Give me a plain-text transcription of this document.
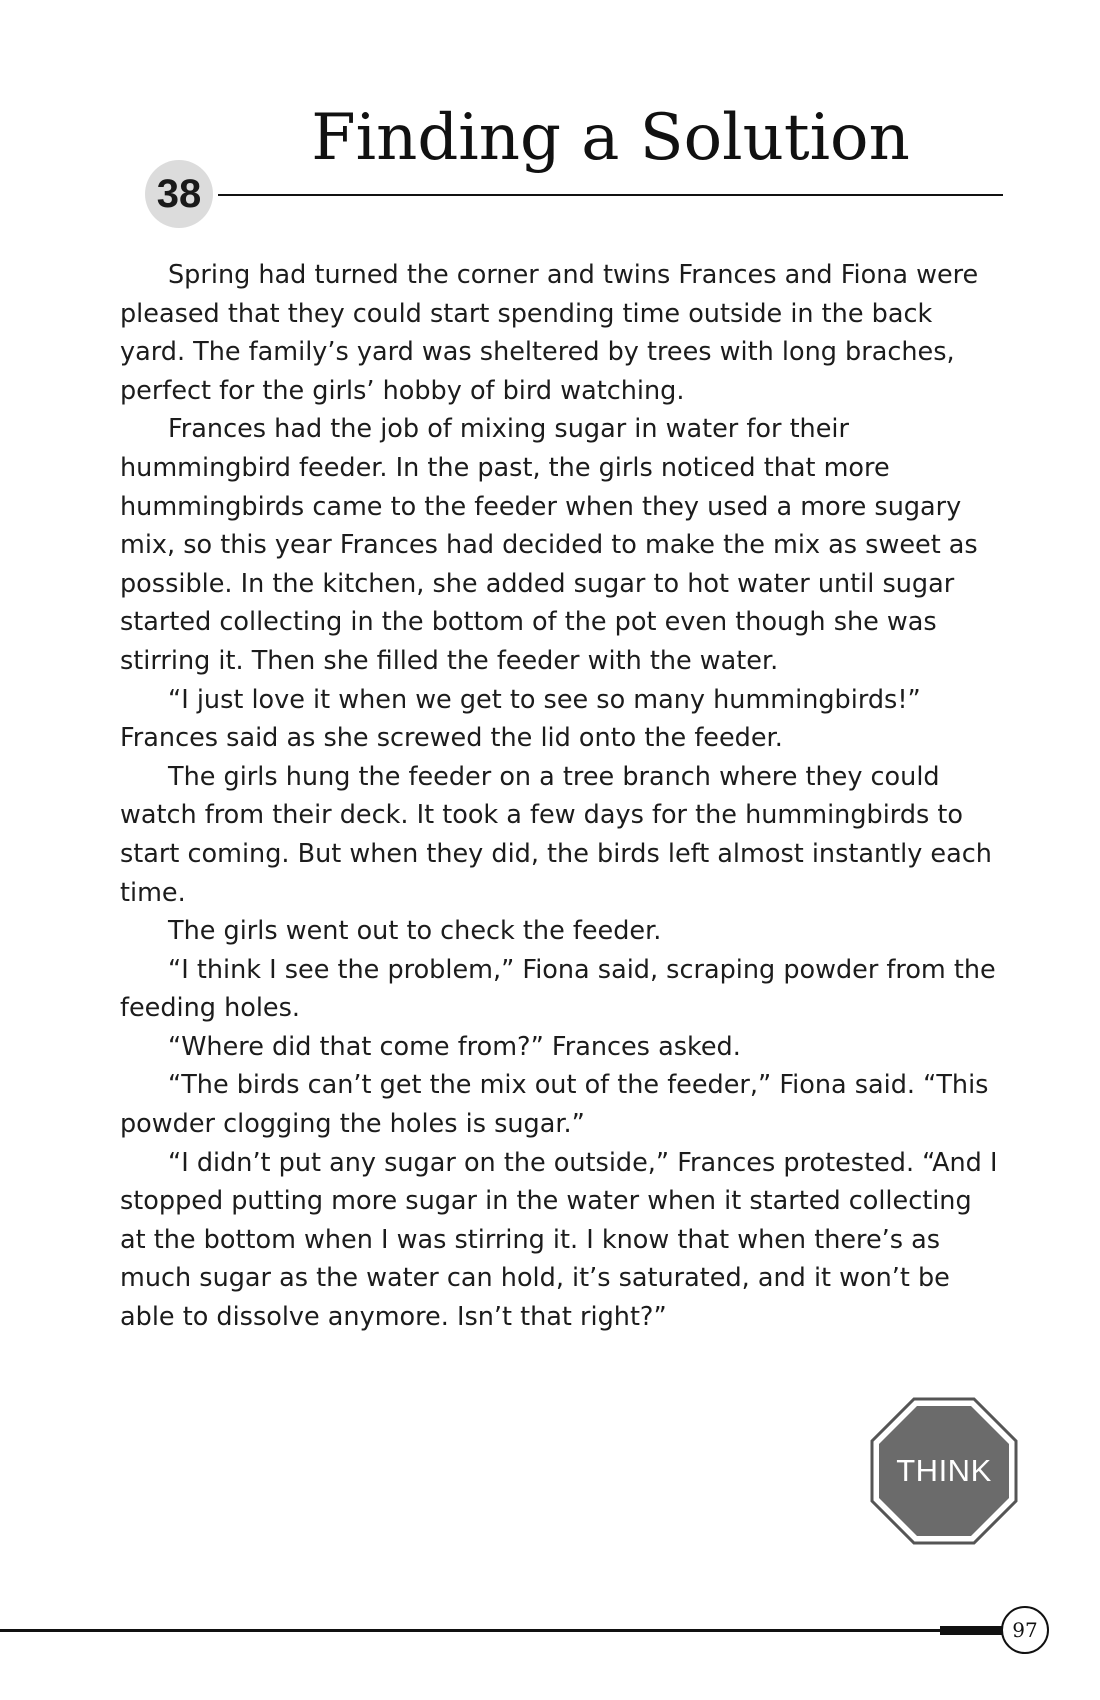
38
Finding a Solution

Spring had turned the corner and twins Frances and Fiona were pleased that they could start spending time outside in the back yard. The family’s yard was sheltered by trees with long braches, perfect for the girls’ hobby of bird watching.

Frances had the job of mixing sugar in water for their hummingbird feeder. In the past, the girls noticed that more hummingbirds came to the feeder when they used a more sugary mix, so this year Frances had decided to make the mix as sweet as possible. In the kitchen, she added sugar to hot water until sugar started collecting in the bottom of the pot even though she was stirring it. Then she filled the feeder with the water.

“I just love it when we get to see so many hummingbirds!” Frances said as she screwed the lid onto the feeder.

The girls hung the feeder on a tree branch where they could watch from their deck. It took a few days for the hummingbirds to start coming. But when they did, the birds left almost instantly each time.

The girls went out to check the feeder.

“I think I see the problem,” Fiona said, scraping powder from the feeding holes.

“Where did that come from?” Frances asked.

“The birds can’t get the mix out of the feeder,” Fiona said. “This powder clogging the holes is sugar.”

“I didn’t put any sugar on the outside,” Frances protested. “And I stopped putting more sugar in the water when it started collecting at the bottom when I was stirring it. I know that when there’s as much sugar as the water can hold, it’s saturated, and it won’t be able to dissolve anymore. Isn’t that right?”

THINK
97
